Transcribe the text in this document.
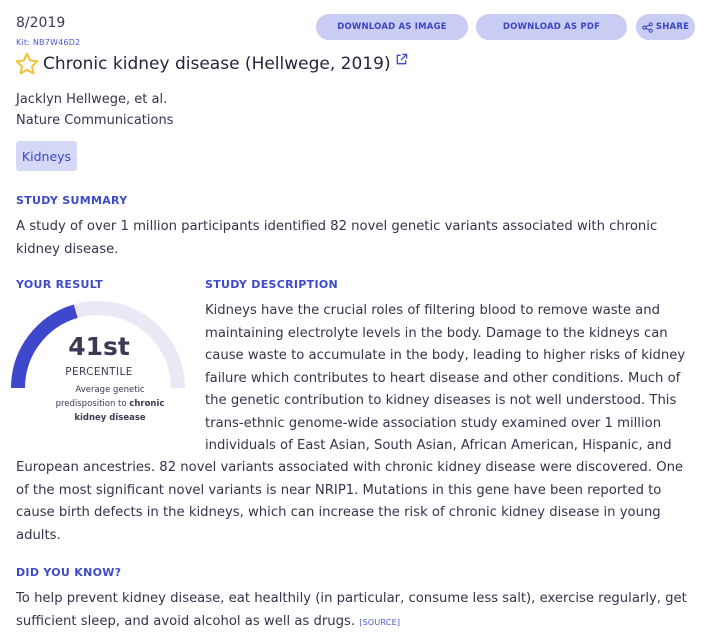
8/2019
Kit: NB7W46D2
Chronic kidney disease (Hellwege, 2019)
DOWNLOAD AS IMAGE	DOWNLOAD AS PDF	SHARE
Jacklyn Hellwege, et al.
Nature Communications
Kidneys
STUDY SUMMARY
A study of over 1 million participants identified 82 novel genetic variants associated with chronic
kidney disease.
YOUR RESULT
41st
PERCENTILE
Average genetic
predisposition to chronic
kidney disease
STUDY DESCRIPTION
Kidneys have the crucial roles of filtering blood to remove waste and
maintaining electrolyte levels in the body. Damage to the kidneys can
cause waste to accumulate in the body, leading to higher risks of kidney
failure which contributes to heart disease and other conditions. Much of
the genetic contribution to kidney diseases is not well understood. This
trans-ethnic genome-wide association study examined over 1 million
individuals of East Asian, South Asian, African American, Hispanic, and
European ancestries. 82 novel variants associated with chronic kidney disease were discovered. One
of the most significant novel variants is near NRIP1. Mutations in this gene have been reported to
cause birth defects in the kidneys, which can increase the risk of chronic kidney disease in young
adults.
DID YOU KNOW?
To help prevent kidney disease, eat healthily (in particular, consume less salt), exercise regularly, get
sufficient sleep, and avoid alcohol as well as drugs. [SOURCE]
